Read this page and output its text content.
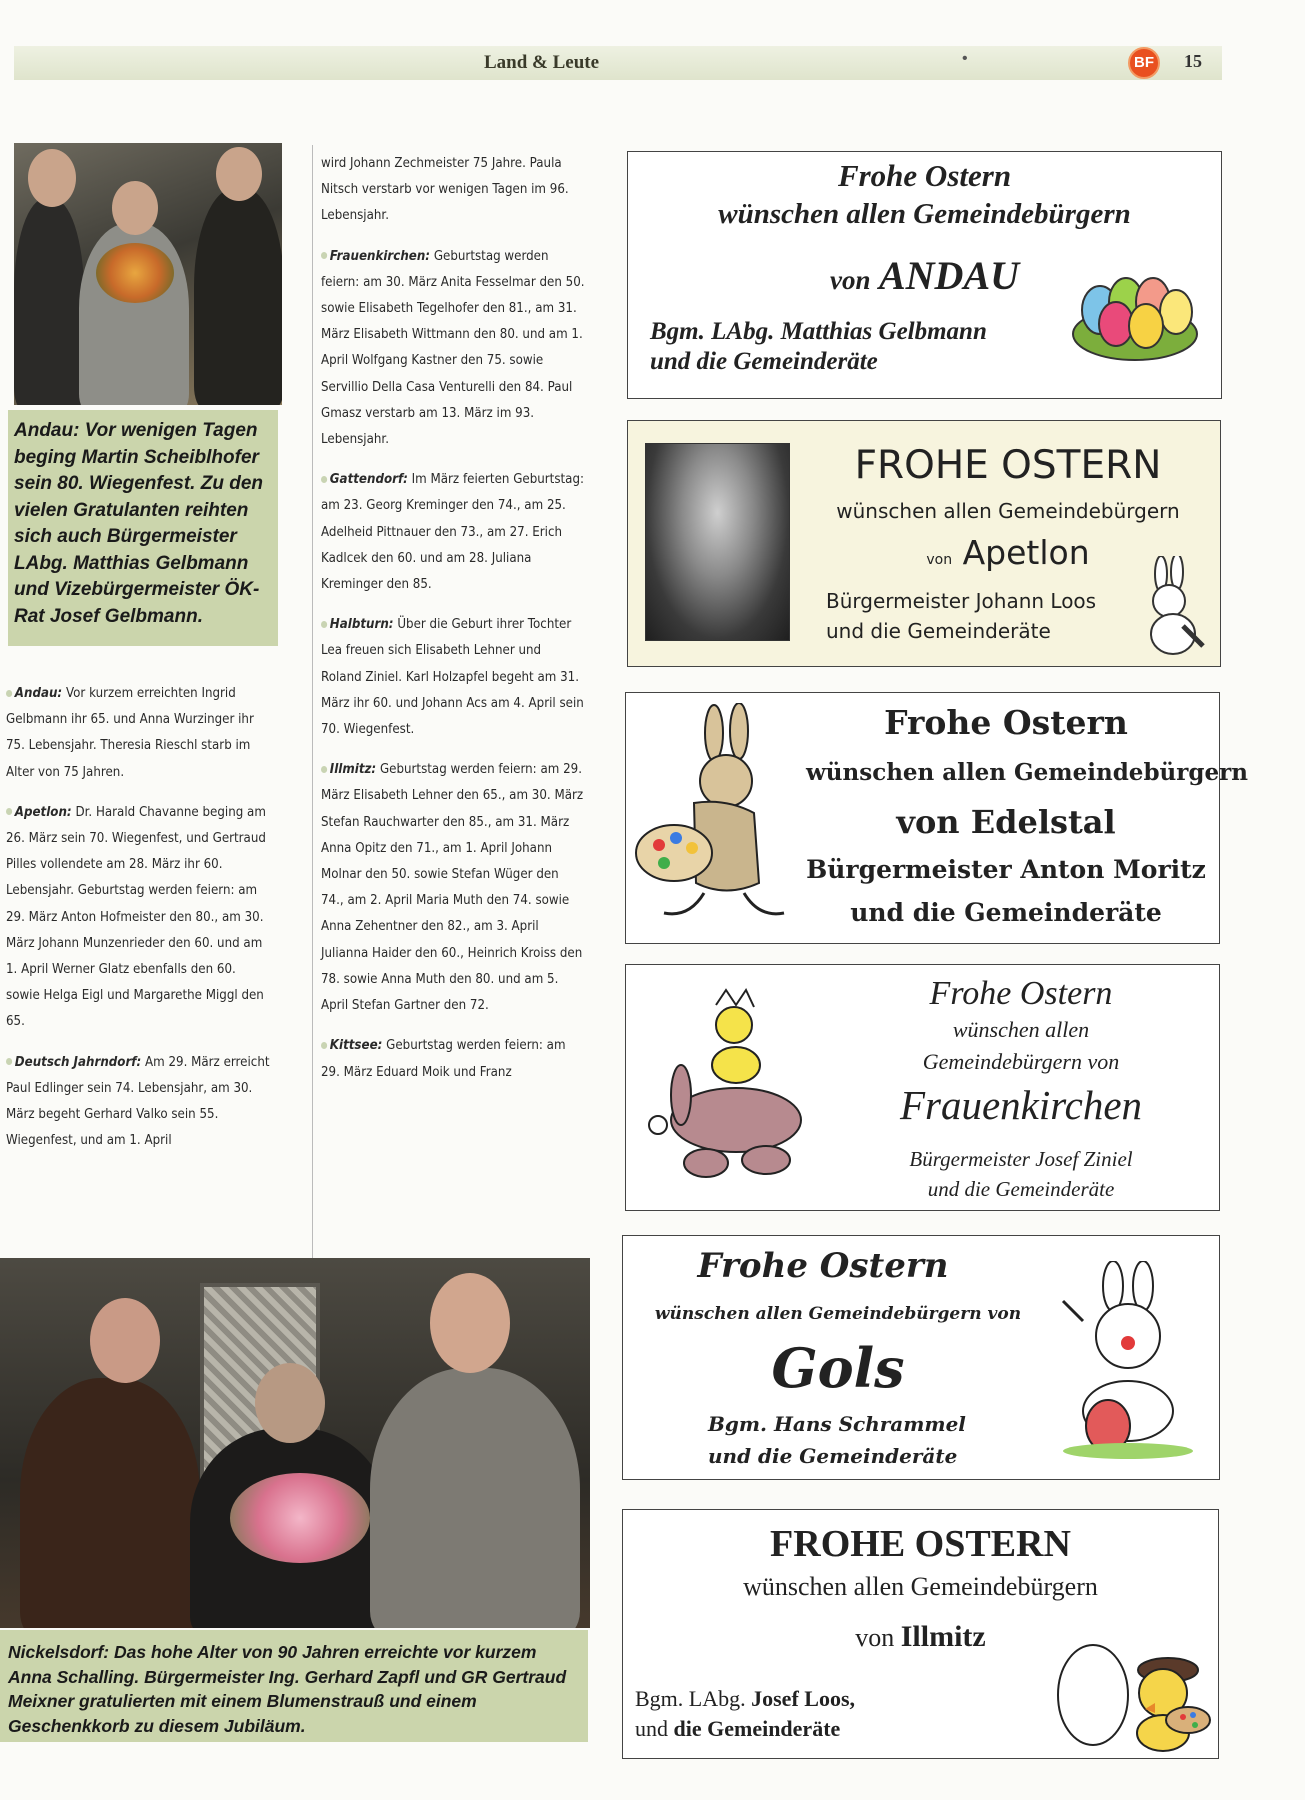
Land & Leute	•	BF	15
Andau: Vor wenigen Tagen beging Martin Scheiblhofer sein 80. Wiegenfest. Zu den vielen Gratulanten reihten sich auch Bürgermeister LAbg. Matthias Gelbmann und Vizebürgermeister ÖK-Rat Josef Gelbmann.

Andau: Vor kurzem erreichten Ingrid Gelbmann ihr 65. und Anna Wurzinger ihr 75. Lebensjahr. Theresia Rieschl starb im Alter von 75 Jahren.

Apetlon: Dr. Harald Chavanne beging am 26. März sein 70. Wiegenfest, und Gertraud Pilles vollendete am 28. März ihr 60. Lebensjahr. Geburtstag werden feiern: am 29. März Anton Hofmeister den 80., am 30. März Johann Munzenrieder den 60. und am 1. April Werner Glatz ebenfalls den 60. sowie Helga Eigl und Margarethe Miggl den 65.

Deutsch Jahrndorf: Am 29. März erreicht Paul Edlinger sein 74. Lebensjahr, am 30. März begeht Gerhard Valko sein 55. Wiegenfest, und am 1. April

wird Johann Zechmeister 75 Jahre. Paula Nitsch verstarb vor wenigen Tagen im 96. Lebensjahr.

Frauenkirchen: Geburtstag werden feiern: am 30. März Anita Fesselmar den 50. sowie Elisabeth Tegelhofer den 81., am 31. März Elisabeth Wittmann den 80. und am 1. April Wolfgang Kastner den 75. sowie Servillio Della Casa Venturelli den 84. Paul Gmasz verstarb am 13. März im 93. Lebensjahr.

Gattendorf: Im März feierten Geburtstag: am 23. Georg Kreminger den 74., am 25. Adelheid Pittnauer den 73., am 27. Erich Kadlcek den 60. und am 28. Juliana Kreminger den 85.

Halbturn: Über die Geburt ihrer Tochter Lea freuen sich Elisabeth Lehner und Roland Ziniel. Karl Holzapfel begeht am 31. März ihr 60. und Johann Acs am 4. April sein 70. Wiegenfest.

Illmitz: Geburtstag werden feiern: am 29. März Elisabeth Lehner den 65., am 30. März Stefan Rauchwarter den 85., am 31. März Anna Opitz den 71., am 1. April Johann Molnar den 50. sowie Stefan Wüger den 74., am 2. April Maria Muth den 74. sowie Anna Zehentner den 82., am 3. April Julianna Haider den 60., Heinrich Kroiss den 78. sowie Anna Muth den 80. und am 5. April Stefan Gartner den 72.

Kittsee: Geburtstag werden feiern: am 29. März Eduard Moik und Franz

Nickelsdorf: Das hohe Alter von 90 Jahren erreichte vor kurzem Anna Schalling. Bürgermeister Ing. Gerhard Zapfl und GR Gertraud Meixner gratulierten mit einem Blumenstrauß und einem Geschenkkorb zu diesem Jubiläum.
Frohe Ostern
wünschen allen Gemeindebürgern
von ANDAU
Bgm. LAbg. Matthias Gelbmann
und die Gemeinderäte
FROHE OSTERN
wünschen allen Gemeindebürgern
von Apetlon
Bürgermeister Johann Loos
und die Gemeinderäte
Frohe Ostern
wünschen allen Gemeindebürgern
von Edelstal
Bürgermeister Anton Moritz
und die Gemeinderäte
Frohe Ostern
wünschen allen
Gemeindebürgern von
Frauenkirchen
Bürgermeister Josef Ziniel
und die Gemeinderäte
Frohe Ostern
wünschen allen Gemeindebürgern von
Gols
Bgm. Hans Schrammel
und die Gemeinderäte
FROHE OSTERN
wünschen allen Gemeindebürgern
von Illmitz
Bgm. LAbg. Josef Loos,
und die Gemeinderäte
